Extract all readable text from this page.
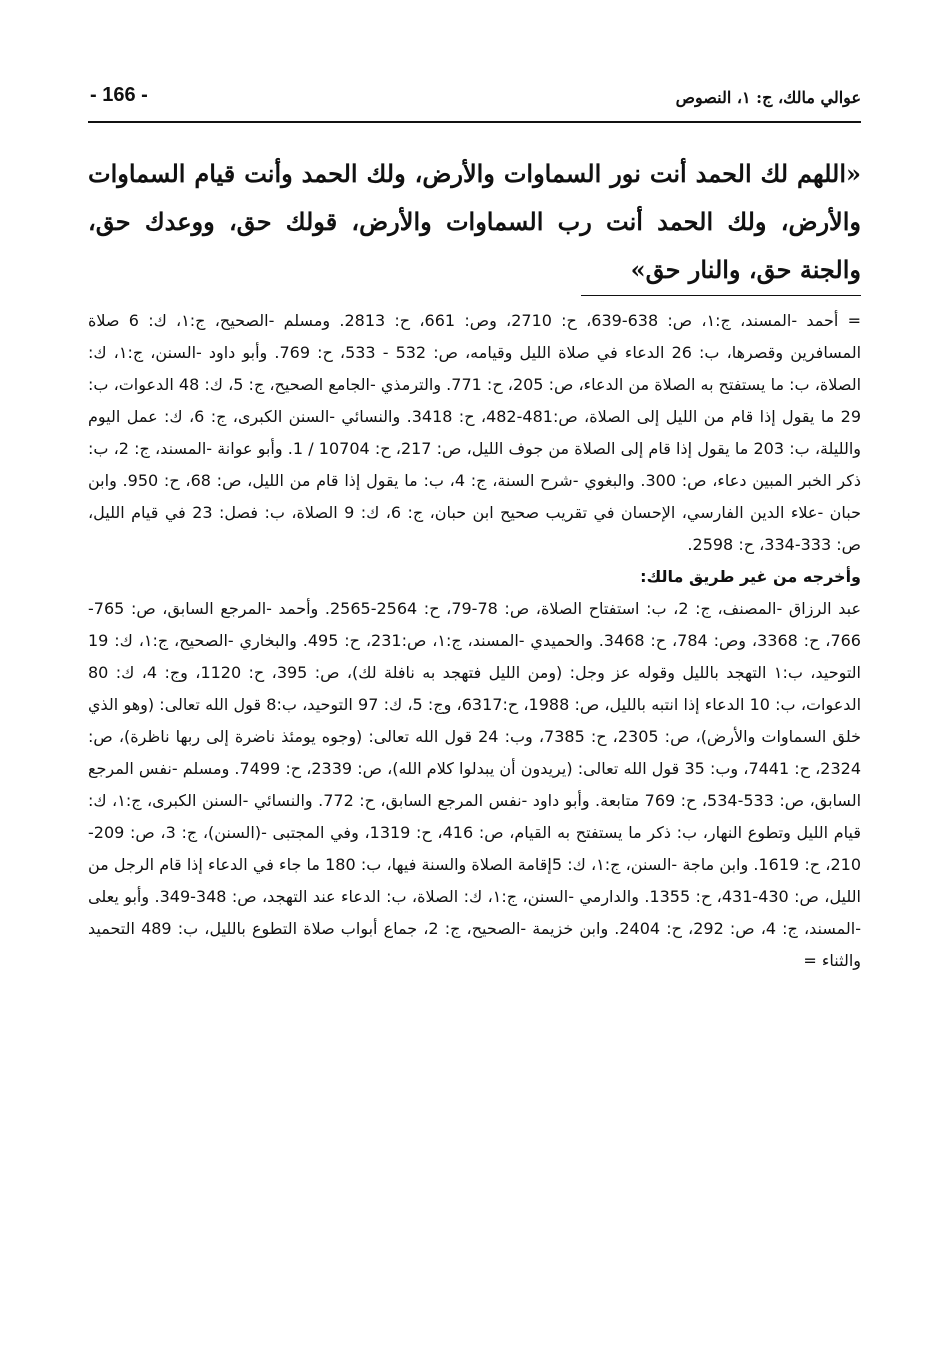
عوالي مالك، ج: ١، النصوص
- 166 -
«اللهم لك الحمد أنت نور السماوات والأرض، ولك الحمد وأنت قيام السماوات والأرض، ولك الحمد أنت رب السماوات والأرض، قولك حق، ووعدك حق، والجنة حق، والنار حق»

= أحمد -المسند، ج:١، ص: 638-639، ح: 2710، وص: 661، ح: 2813. ومسلم -الصحيح، ج:١، ك: 6 صلاة المسافرين وقصرها، ب: 26 الدعاء في صلاة الليل وقيامه، ص: 532 - 533، ح: 769. وأبو داود -السنن، ج:١، ك: الصلاة، ب: ما يستفتح به الصلاة من الدعاء، ص: 205، ح: 771. والترمذي -الجامع الصحيح، ج: 5، ك: 48 الدعوات، ب: 29 ما يقول إذا قام من الليل إلى الصلاة، ص:481-482، ح: 3418. والنسائي -السنن الكبرى، ج: 6، ك: عمل اليوم والليلة، ب: 203 ما يقول إذا قام إلى الصلاة من جوف الليل، ص: 217، ح: 10704 / 1. وأبو عوانة -المسند، ج: 2، ب: ذكر الخبر المبين دعاء، ص: 300. والبغوي -شرح السنة، ج: 4، ب: ما يقول إذا قام من الليل، ص: 68، ح: 950. وابن حبان -علاء الدين الفارسي، الإحسان في تقريب صحيح ابن حبان، ج: 6، ك: 9 الصلاة، ب: فصل: 23 في قيام الليل، ص: 333-334، ح: 2598.

وأخرجه من غير طريق مالك:

عبد الرزاق -المصنف، ج: 2، ب: استفتاح الصلاة، ص: 78-79، ح: 2564-2565. وأحمد -المرجع السابق، ص: 765-766، ح: 3368، وص: 784، ح: 3468. والحميدي -المسند، ج:١، ص:231، ح: 495. والبخاري -الصحيح، ج:١، ك: 19 التوحيد، ب:١ التهجد بالليل وقوله عز وجل: (ومن الليل فتهجد به نافلة لك)، ص: 395، ح: 1120، وج: 4، ك: 80 الدعوات، ب: 10 الدعاء إذا انتبه بالليل، ص: 1988، ح:6317، وج: 5، ك: 97 التوحيد، ب:8 قول الله تعالى: (وهو الذي خلق السماوات والأرض)، ص: 2305، ح: 7385، وب: 24 قول الله تعالى: (وجوه يومئذ ناضرة إلى ربها ناظرة)، ص: 2324، ح: 7441، وب: 35 قول الله تعالى: (يريدون أن يبدلوا كلام الله)، ص: 2339، ح: 7499. ومسلم -نفس المرجع السابق، ص: 533-534، ح: 769 متابعة. وأبو داود -نفس المرجع السابق، ح: 772. والنسائي -السنن الكبرى، ج:١، ك: قيام الليل وتطوع النهار، ب: ذكر ما يستفتح به القيام، ص: 416، ح: 1319، وفي المجتبى -(السنن)، ج: 3، ص: 209-210، ح: 1619. وابن ماجة -السنن، ج:١، ك: 5إقامة الصلاة والسنة فيها، ب: 180 ما جاء في الدعاء إذا قام الرجل من الليل، ص: 430-431، ح: 1355. والدارمي -السنن، ج:١، ك: الصلاة، ب: الدعاء عند التهجد، ص: 348-349. وأبو يعلى -المسند، ج: 4، ص: 292، ح: 2404. وابن خزيمة -الصحيح، ج: 2، جماع أبواب صلاة التطوع بالليل، ب: 489 التحميد والثناء =
